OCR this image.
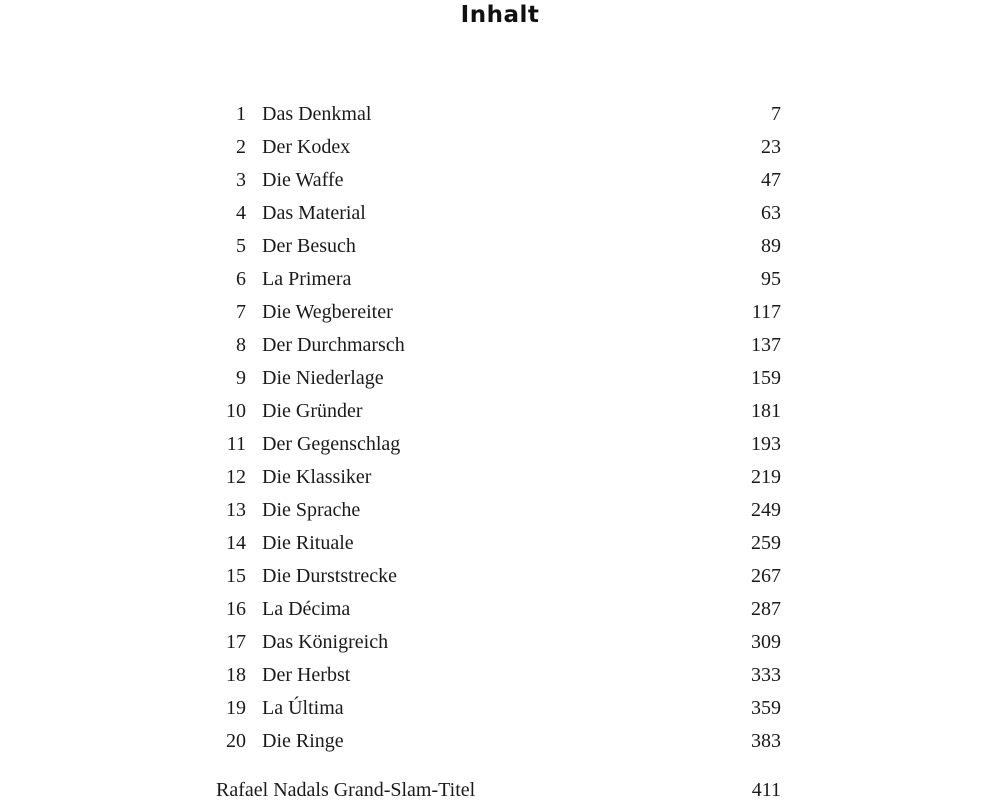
Inhalt
1 Das Denkmal	7
2 Der Kodex	23
3 Die Waffe	47
4 Das Material	63
5 Der Besuch	89
6 La Primera	95
7 Die Wegbereiter	117
8 Der Durchmarsch	137
9 Die Niederlage	159
10 Die Gründer	181
11 Der Gegenschlag	193
12 Die Klassiker	219
13 Die Sprache	249
14 Die Rituale	259
15 Die Durststrecke	267
16 La Décima	287
17 Das Königreich	309
18 Der Herbst	333
19 La Última	359
20 Die Ringe	383
Rafael Nadals Grand-Slam-Titel	411
